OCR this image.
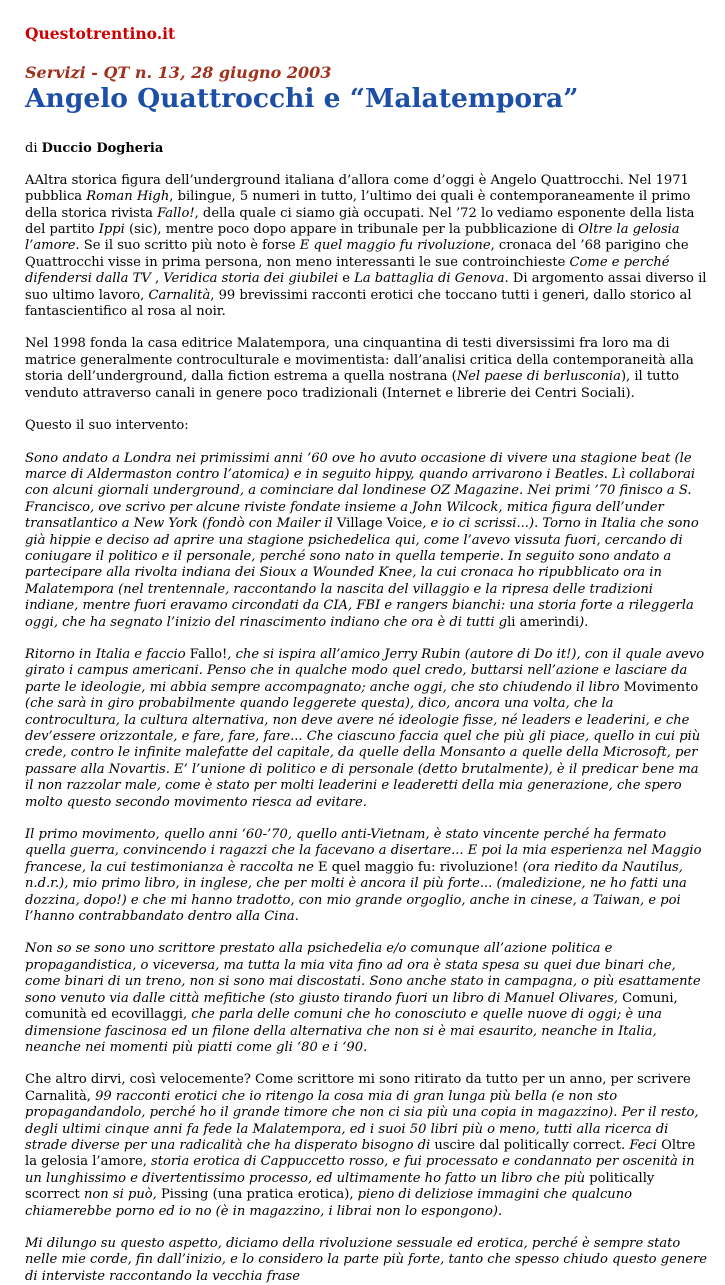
Questotrentino.it
Servizi - QT n. 13, 28 giugno 2003
Angelo Quattrocchi e “Malatempora”
di Duccio Dogheria

AAltra storica figura dell’underground italiana d’allora come d’oggi è Angelo Quattrocchi. Nel 1971 pubblica Roman High, bilingue, 5 numeri in tutto, l’ultimo dei quali è contemporaneamente il primo della storica rivista Fallo!, della quale ci siamo già occupati. Nel ’72 lo vediamo esponente della lista del partito Ippi (sic), mentre poco dopo appare in tribunale per la pubblicazione di Oltre la gelosia l’amore. Se il suo scritto più noto è forse E quel maggio fu rivoluzione, cronaca del ’68 parigino che Quattrocchi visse in prima persona, non meno interessanti le sue controinchieste Come e perché difendersi dalla TV , Veridica storia dei giubilei e La battaglia di Genova. Di argomento assai diverso il suo ultimo lavoro, Carnalità, 99 brevissimi racconti erotici che toccano tutti i generi, dallo storico al fantascientifico al rosa al noir.

Nel 1998 fonda la casa editrice Malatempora, una cinquantina di testi diversissimi fra loro ma di matrice generalmente controculturale e movimentista: dall’analisi critica della contemporaneità alla storia dell’underground, dalla fiction estrema a quella nostrana (Nel paese di berlusconia), il tutto venduto attraverso canali in genere poco tradizionali (Internet e librerie dei Centri Sociali).

Questo il suo intervento:

Sono andato a Londra nei primissimi anni ‘60 ove ho avuto occasione di vivere una stagione beat (le marce di Aldermaston contro l’atomica) e in seguito hippy, quando arrivarono i Beatles. Lì collaborai con alcuni giornali underground, a cominciare dal londinese OZ Magazine. Nei primi ’70 finisco a S. Francisco, ove scrivo per alcune riviste fondate insieme a John Wilcock, mitica figura dell’under transatlantico a New York (fondò con Mailer il Village Voice, e io ci scrissi...). Torno in Italia che sono già hippie e deciso ad aprire una stagione psichedelica qui, come l’avevo vissuta fuori, cercando di coniugare il politico e il personale, perché sono nato in quella temperie. In seguito sono andato a partecipare alla rivolta indiana dei Sioux a Wounded Knee, la cui cronaca ho ripubblicato ora in Malatempora (nel trentennale, raccontando la nascita del villaggio e la ripresa delle tradizioni indiane, mentre fuori eravamo circondati da CIA, FBI e rangers bianchi: una storia forte a rileggerla oggi, che ha segnato l’inizio del rinascimento indiano che ora è di tutti gli amerindi).

Ritorno in Italia e faccio Fallo!, che si ispira all’amico Jerry Rubin (autore di Do it!), con il quale avevo girato i campus americani. Penso che in qualche modo quel credo, buttarsi nell’azione e lasciare da parte le ideologie, mi abbia sempre accompagnato; anche oggi, che sto chiudendo il libro Movimento (che sarà in giro probabilmente quando leggerete questa), dico, ancora una volta, che la controcultura, la cultura alternativa, non deve avere né ideologie fisse, né leaders e leaderini, e che dev’essere orizzontale, e fare, fare, fare... Che ciascuno faccia quel che più gli piace, quello in cui più crede, contro le infinite malefatte del capitale, da quelle della Monsanto a quelle della Microsoft, per passare alla Novartis. E’ l’unione di politico e di personale (detto brutalmente), è il predicar bene ma il non razzolar male, come è stato per molti leaderini e leaderetti della mia generazione, che spero molto questo secondo movimento riesca ad evitare.

Il primo movimento, quello anni ‘60-’70, quello anti-Vietnam, è stato vincente perché ha fermato quella guerra, convincendo i ragazzi che la facevano a disertare... E poi la mia esperienza nel Maggio francese, la cui testimonianza è raccolta ne E quel maggio fu: rivoluzione! (ora riedito da Nautilus, n.d.r.), mio primo libro, in inglese, che per molti è ancora il più forte... (maledizione, ne ho fatti una dozzina, dopo!) e che mi hanno tradotto, con mio grande orgoglio, anche in cinese, a Taiwan, e poi l’hanno contrabbandato dentro alla Cina.

Non so se sono uno scrittore prestato alla psichedelia e/o comunque all’azione politica e propagandistica, o viceversa, ma tutta la mia vita fino ad ora è stata spesa su quei due binari che, come binari di un treno, non si sono mai discostati. Sono anche stato in campagna, o più esattamente sono venuto via dalle città mefitiche (sto giusto tirando fuori un libro di Manuel Olivares, Comuni, comunità ed ecovillaggi, che parla delle comuni che ho conosciuto e quelle nuove di oggi; è una dimensione fascinosa ed un filone della alternativa che non si è mai esaurito, neanche in Italia, neanche nei momenti più piatti come gli ‘80 e i ‘90.

Che altro dirvi, così velocemente? Come scrittore mi sono ritirato da tutto per un anno, per scrivere Carnalità, 99 racconti erotici che io ritengo la cosa mia di gran lunga più bella (e non sto propagandandolo, perché ho il grande timore che non ci sia più una copia in magazzino). Per il resto, degli ultimi cinque anni fa fede la Malatempora, ed i suoi 50 libri più o meno, tutti alla ricerca di strade diverse per una radicalità che ha disperato bisogno di uscire dal politically correct. Feci Oltre la gelosia l’amore, storia erotica di Cappuccetto rosso, e fui processato e condannato per oscenità in un lunghissimo e divertentissimo processo, ed ultimamente ho fatto un libro che più politically scorrect non si può, Pissing (una pratica erotica), pieno di deliziose immagini che qualcuno chiamerebbe porno ed io no (è in magazzino, i librai non lo espongono).

Mi dilungo su questo aspetto, diciamo della rivoluzione sessuale ed erotica, perché è sempre stato nelle mie corde, fin dall’inizio, e lo considero la parte più forte, tanto che spesso chiudo questo genere di interviste raccontando la vecchia frase
